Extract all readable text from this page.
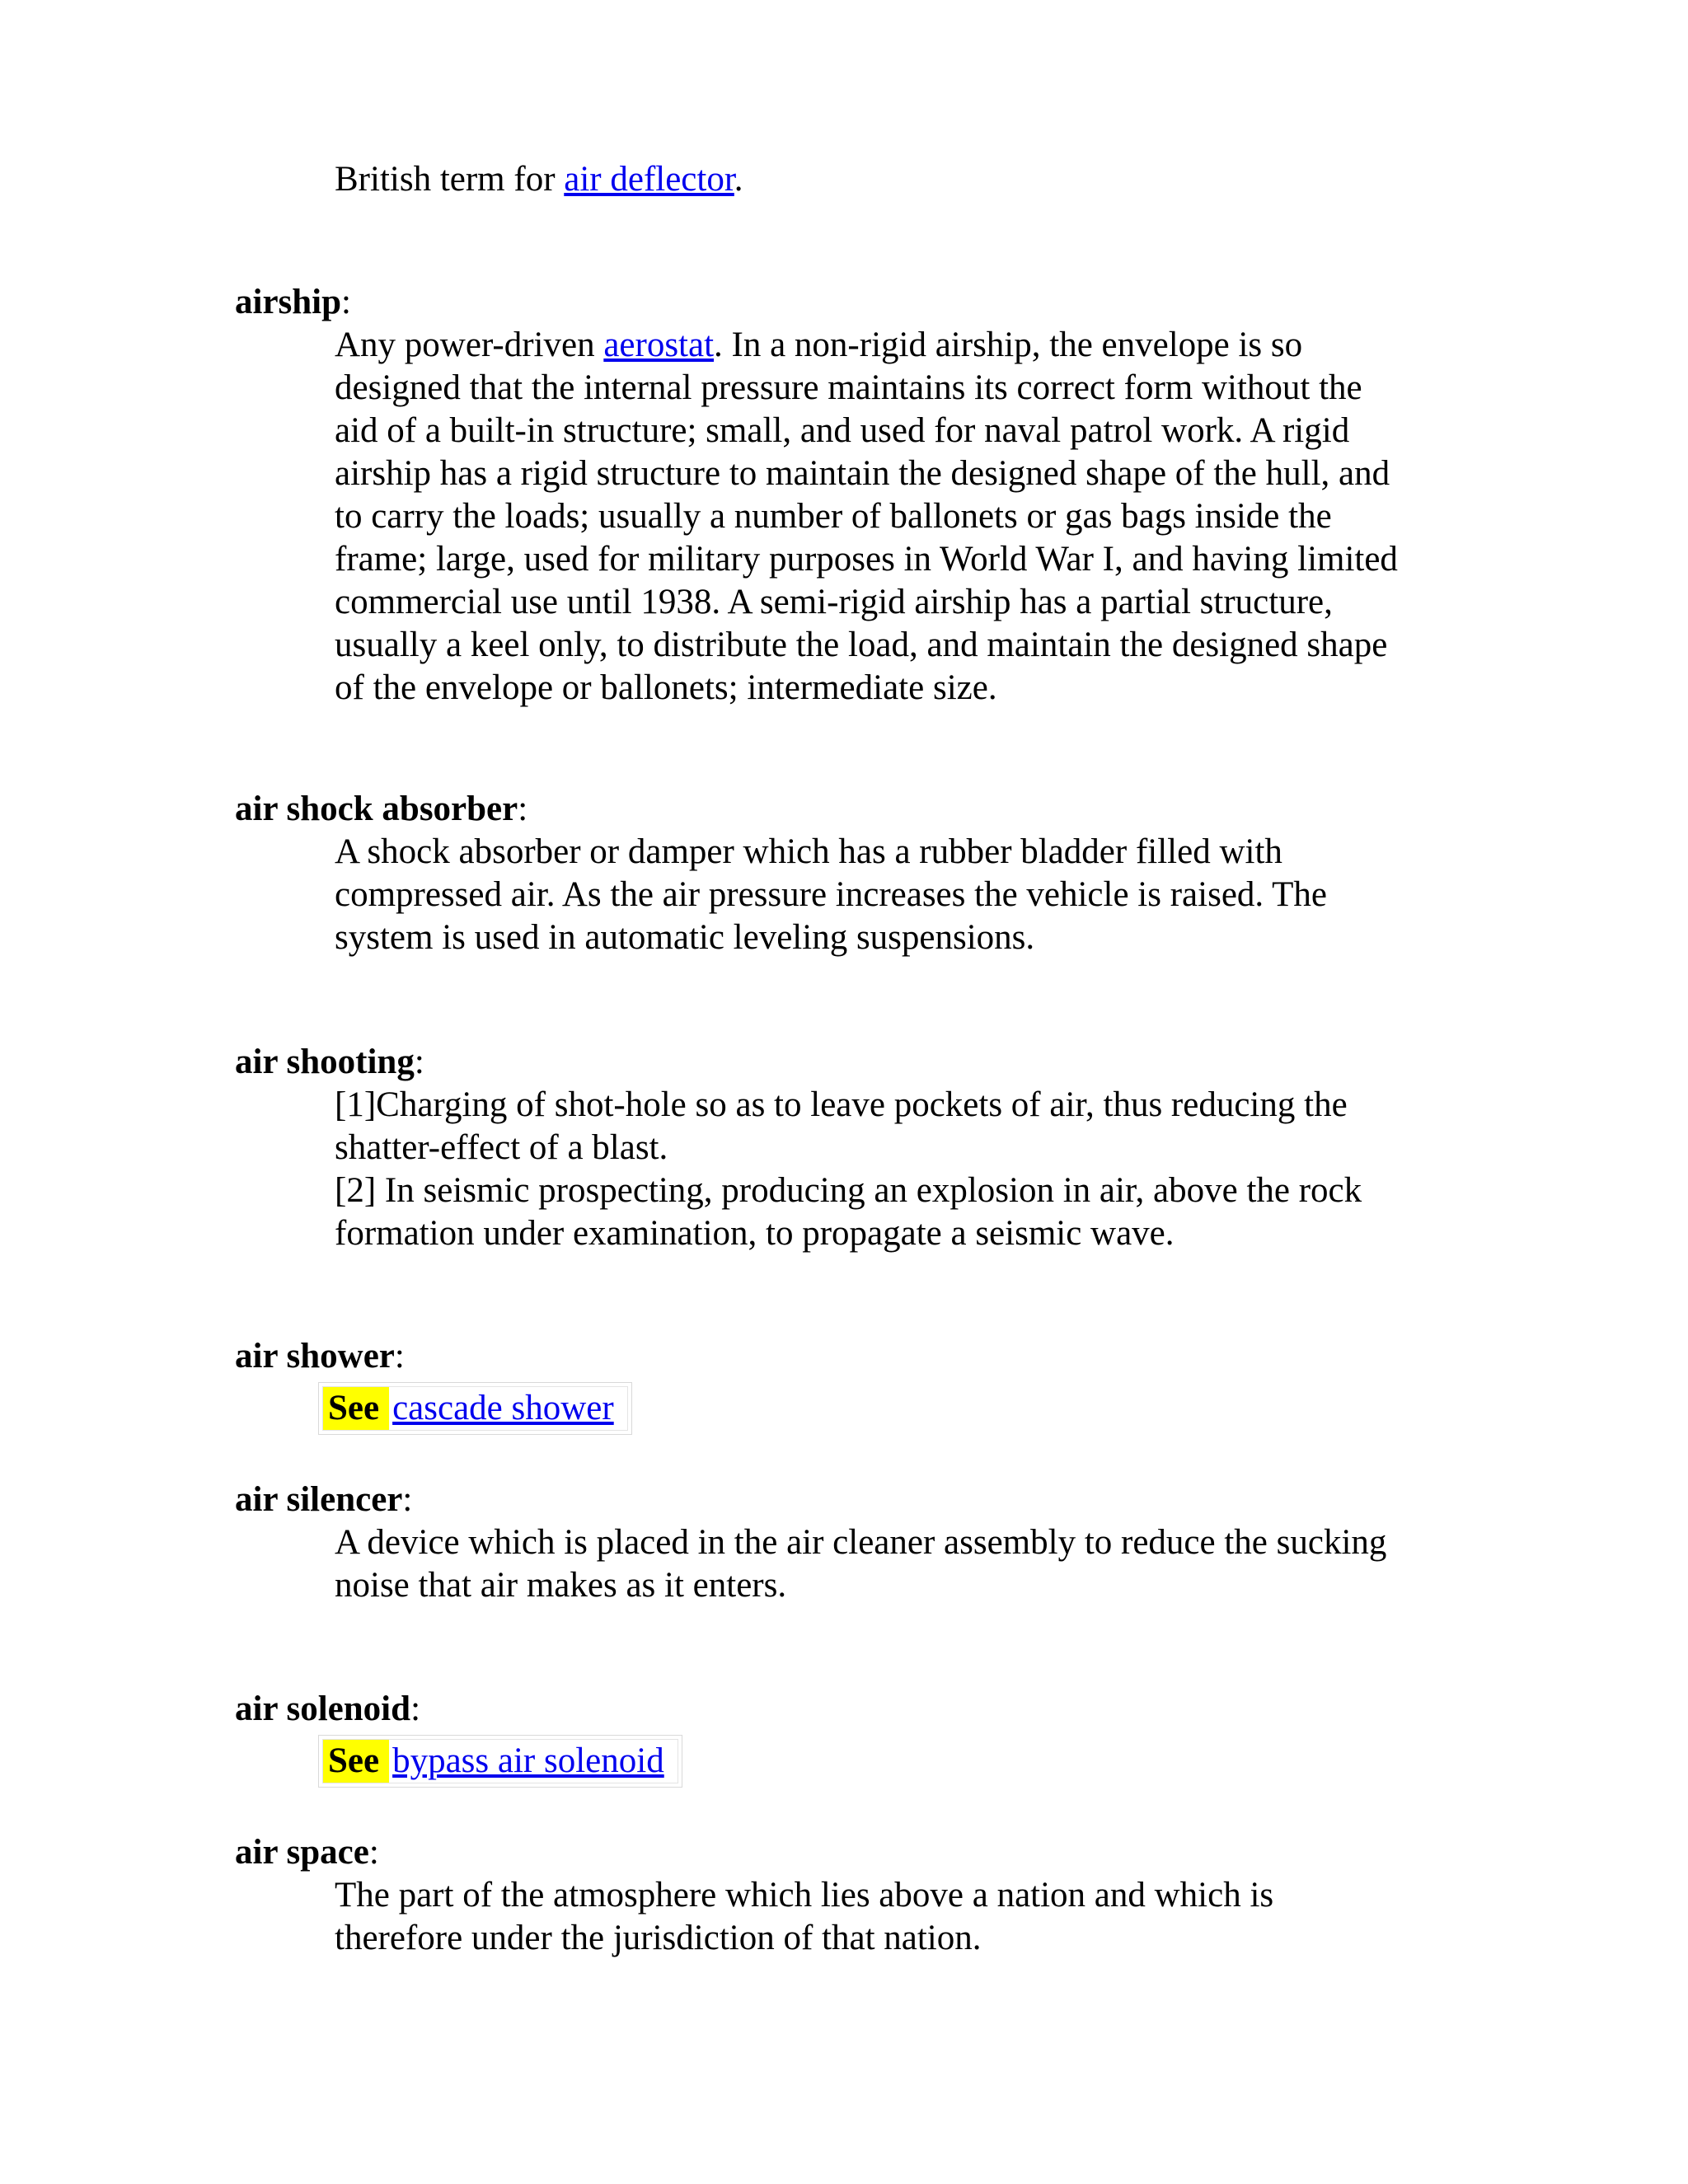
British term for air deflector.
airship:
Any power-driven aerostat. In a non-rigid airship, the envelope is so
designed that the internal pressure maintains its correct form without the
aid of a built-in structure; small, and used for naval patrol work. A rigid
airship has a rigid structure to maintain the designed shape of the hull, and
to carry the loads; usually a number of ballonets or gas bags inside the
frame; large, used for military purposes in World War I, and having limited
commercial use until 1938. A semi-rigid airship has a partial structure,
usually a keel only, to distribute the load, and maintain the designed shape
of the envelope or ballonets; intermediate size.
air shock absorber:
A shock absorber or damper which has a rubber bladder filled with
compressed air. As the air pressure increases the vehicle is raised. The
system is used in automatic leveling suspensions.
air shooting:
[1]Charging of shot-hole so as to leave pockets of air, thus reducing the
shatter-effect of a blast.
[2] In seismic prospecting, producing an explosion in air, above the rock
formation under examination, to propagate a seismic wave.
air shower:
See cascade shower
air silencer:
A device which is placed in the air cleaner assembly to reduce the sucking
noise that air makes as it enters.
air solenoid:
See bypass air solenoid
air space:
The part of the atmosphere which lies above a nation and which is
therefore under the jurisdiction of that nation.
